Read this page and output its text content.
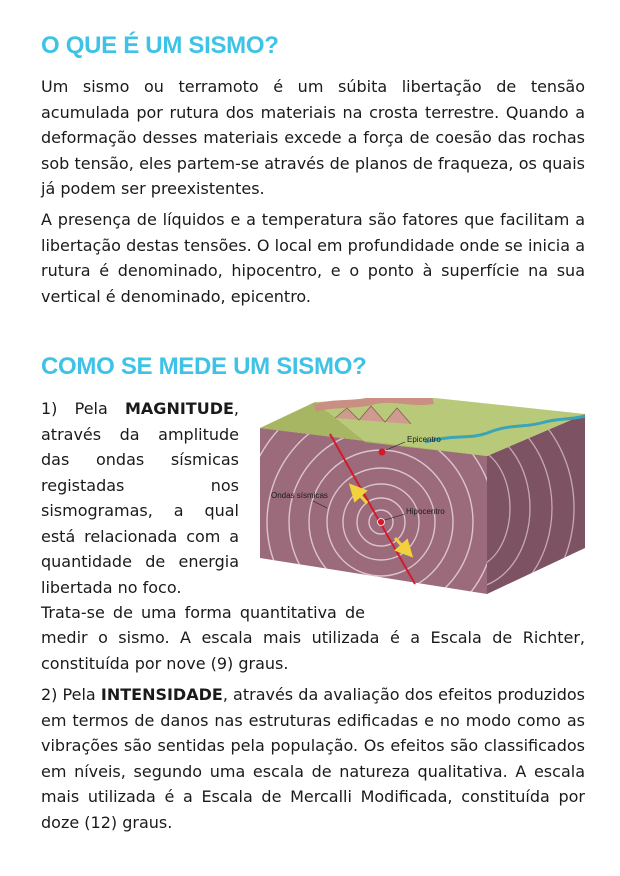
O QUE É UM SISMO?

Um sismo ou terramoto é um súbita libertação de tensão acumulada por rutura dos materiais na crosta terrestre. Quando a deformação desses materiais excede a força de coesão das rochas sob tensão, eles partem-se através de planos de fraqueza, os quais já podem ser preexistentes.

A presença de líquidos e a temperatura são fatores que facilitam a libertação destas tensões. O local em profundidade onde se inicia a rutura é denominado, hipocentro, e o ponto à superfície na sua vertical é denominado, epicentro.

COMO SE MEDE UM SISMO?

1) Pela MAGNITUDE, através da amplitude das ondas sísmicas registadas nos sismogramas, a qual está relacionada com a quantidade de energia libertada no foco.

Trata-se de uma forma quantitativa de

medir o sismo. A escala mais utilizada é a Escala de Richter, constituída por nove (9) graus.

2) Pela INTENSIDADE, através da avaliação dos efeitos produzidos em termos de danos nas estruturas edificadas e no modo como as vibrações são sentidas pela população. Os efeitos são classificados em níveis, segundo uma escala de natureza qualitativa. A escala mais utilizada é a Escala de Mercalli Modificada, constituída por doze (12) graus.

Epicentro
Hipocentro
Ondas sísmicas
